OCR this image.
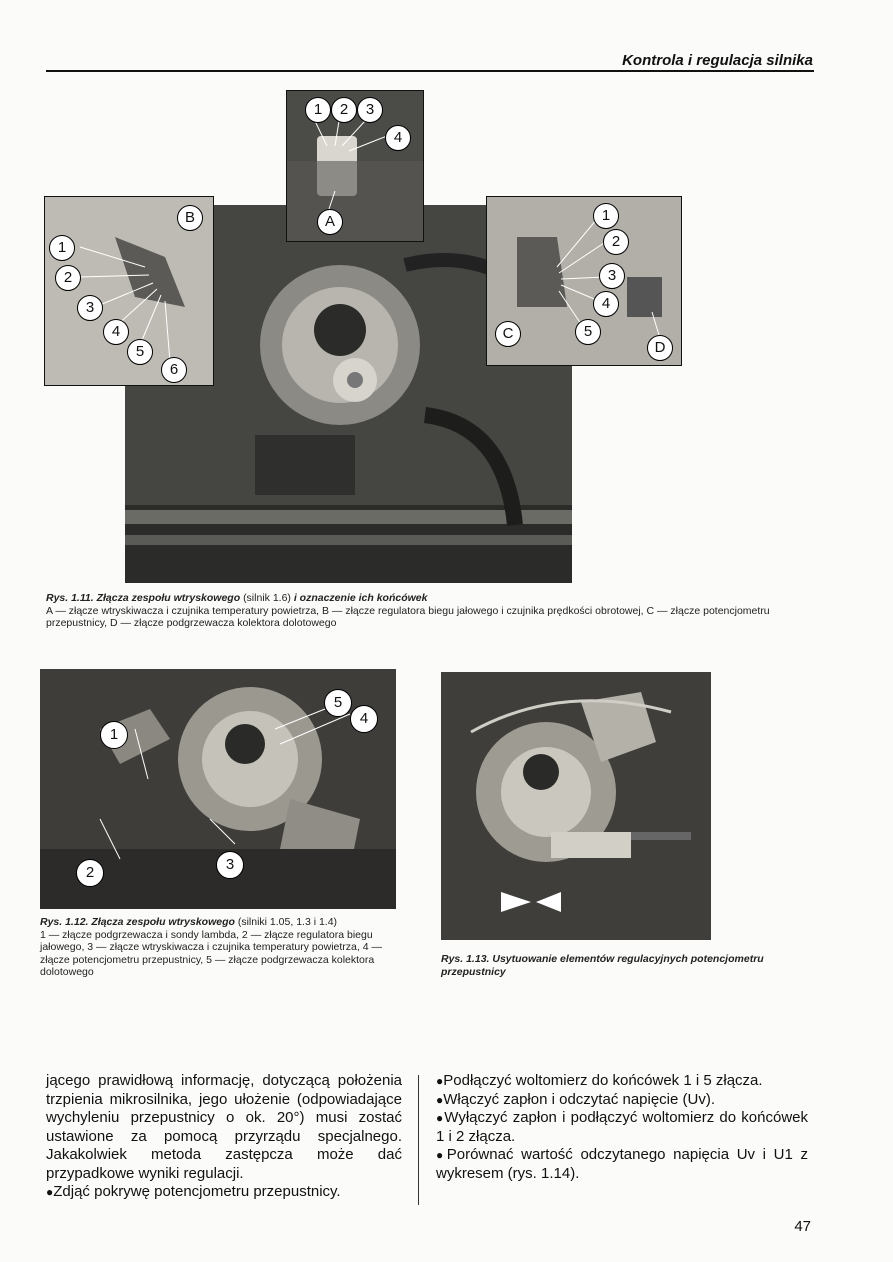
Kontrola i regulacja silnika
1	2	3
4
A
B
1
2
3
4
5
6
1
2
3
4
5
C
D
Rys. 1.11. Złącza zespołu wtryskowego (silnik 1.6) i oznaczenie ich końcówek
A — złącze wtryskiwacza i czujnika temperatury powietrza, B — złącze regulatora biegu jałowego i czujnika prędkości obrotowej, C — złącze potencjometru przepustnicy, D — złącze podgrzewacza kolektora dolotowego
1
2	3
4
5
Rys. 1.12. Złącza zespołu wtryskowego (silniki 1.05, 1.3 i 1.4)
1 — złącze podgrzewacza i sondy lambda, 2 — złącze regulatora biegu jałowego, 3 — złącze wtryskiwacza i czujnika temperatury powietrza, 4 — złącze potencjometru przepustnicy, 5 — złącze podgrzewacza kolektora dolotowego
Rys. 1.13. Usytuowanie elementów regulacyjnych potencjometru przepustnicy

jącego prawidłową informację, dotyczącą położenia trzpienia mikrosilnika, jego ułożenie (odpowiadające wychyleniu przepustnicy o ok. 20°) musi zostać ustawione za pomocą przyrządu specjalnego. Jakakolwiek metoda zastępcza może dać przypadkowe wyniki regulacji.

●Zdjąć pokrywę potencjometru przepustnicy.

●Podłączyć woltomierz do końcówek 1 i 5 złącza.

●Włączyć zapłon i odczytać napięcie (Uv).

●Wyłączyć zapłon i podłączyć woltomierz do końcówek 1 i 2 złącza.

●Porównać wartość odczytanego napięcia Uv i U1 z wykresem (rys. 1.14).

47
